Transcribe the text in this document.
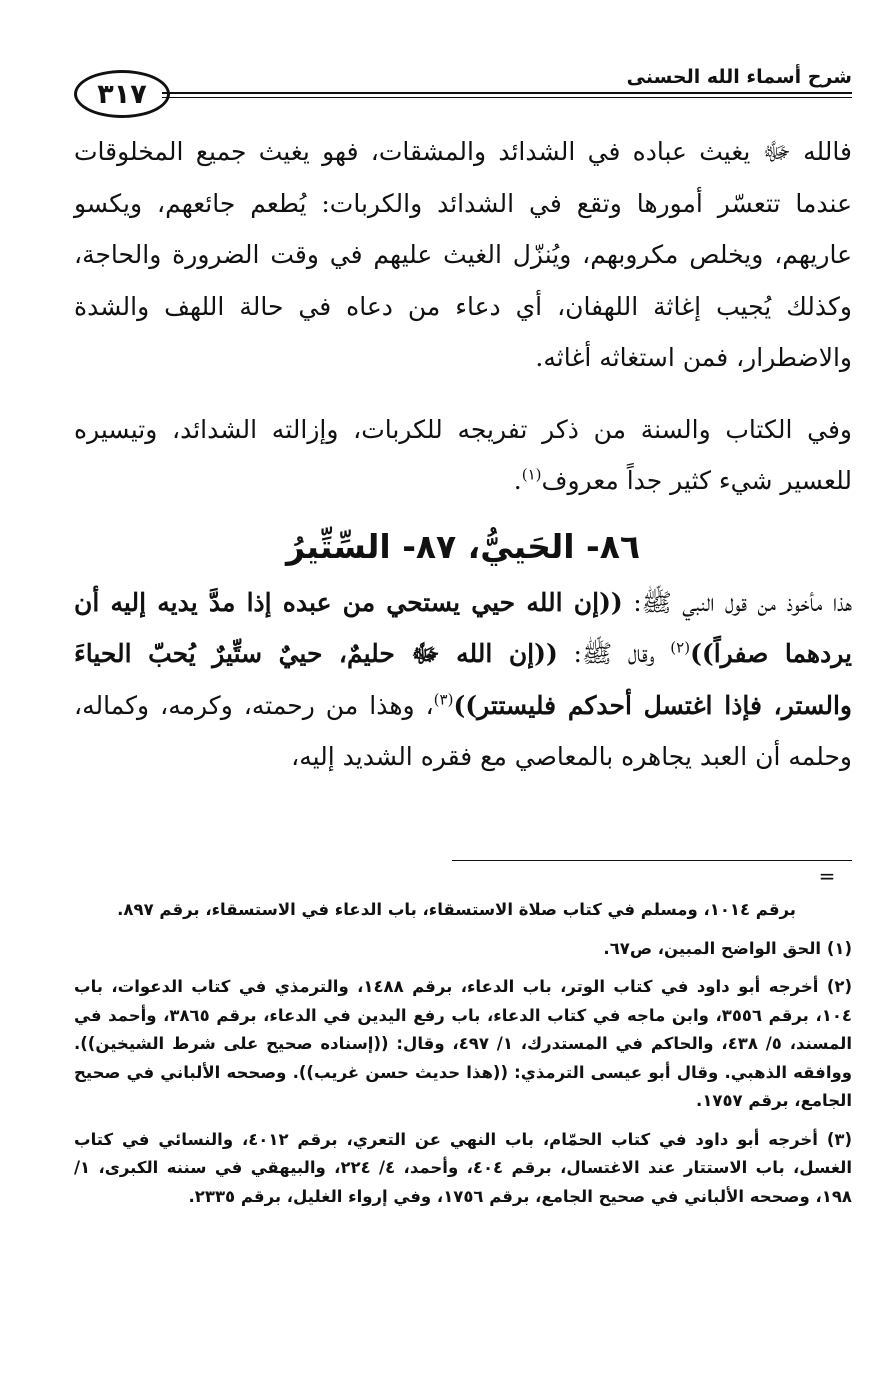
شرح أسماء الله الحسنى
٣١٧

فالله ﷻ يغيث عباده في الشدائد والمشقات، فهو يغيث جميع المخلوقات عندما تتعسّر أمورها وتقع في الشدائد والكربات: يُطعم جائعهم، ويكسو عاريهم، ويخلص مكروبهم، ويُنزّل الغيث عليهم في وقت الضرورة والحاجة، وكذلك يُجيب إغاثة اللهفان، أي دعاء من دعاه في حالة اللهف والشدة والاضطرار، فمن استغاثه أغاثه.

وفي الكتاب والسنة من ذكر تفريجه للكربات، وإزالته الشدائد، وتيسيره للعسير شيء كثير جداً معروف$^{(١)}$.

٨٦- الحَييُّ، ٨٧- السِّتِّيرُ

هذا مأخوذ من قول النبي ﷺ: ((إن الله حيي يستحي من عبده إذا مدَّ يديه إليه أن يردهما صفراً))$^{(٢)}$ وقال ﷺ: ((إن الله ﷻ حليمٌ، حييٌ ستِّيرٌ يُحبّ الحياءَ والستر، فإذا اغتسل أحدكم فليستتر))$^{(٣)}$، وهذا من رحمته، وكرمه، وكماله، وحلمه أن العبد يجاهره بالمعاصي مع فقره الشديد إليه،

=

برقم ١٠١٤، ومسلم في كتاب صلاة الاستسقاء، باب الدعاء في الاستسقاء، برقم ٨٩٧.

(١) الحق الواضح المبين، ص٦٧.

(٢) أخرجه أبو داود في كتاب الوتر، باب الدعاء، برقم ١٤٨٨، والترمذي في كتاب الدعوات، باب ١٠٤، برقم ٣٥٥٦، وابن ماجه في كتاب الدعاء، باب رفع اليدين في الدعاء، برقم ٣٨٦٥، وأحمد في المسند، ٥/ ٤٣٨، والحاكم في المستدرك، ١/ ٤٩٧، وقال: ((إسناده صحيح على شرط الشيخين)). ووافقه الذهبي. وقال أبو عيسى الترمذي: ((هذا حديث حسن غريب)). وصححه الألباني في صحيح الجامع، برقم ١٧٥٧.

(٣) أخرجه أبو داود في كتاب الحمّام، باب النهي عن التعري، برقم ٤٠١٢، والنسائي في كتاب الغسل، باب الاستتار عند الاغتسال، برقم ٤٠٤، وأحمد، ٤/ ٢٢٤، والبيهقي في سننه الكبرى، ١/ ١٩٨، وصححه الألباني في صحيح الجامع، برقم ١٧٥٦، وفي إرواء الغليل، برقم ٢٣٣٥.
